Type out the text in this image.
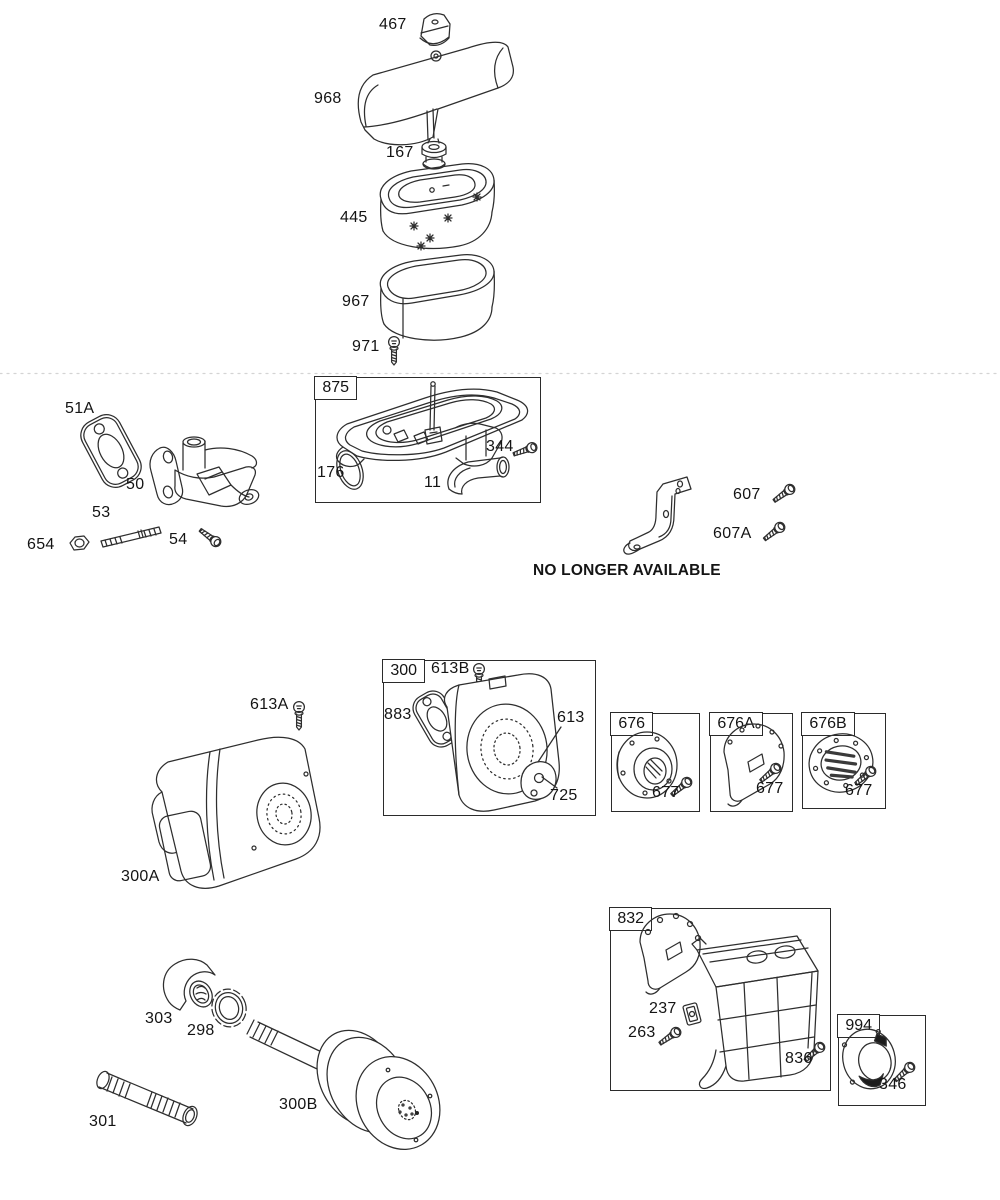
875
300
676	676A	676B
832
994
467
968
167
445
967
971
176
11
344
51A
50
53
654	54
607
607A
NO LONGER AVAILABLE
613B
883	613
725
613A
300A
677	677	677
237
263
836
346
303
298
301
300B
